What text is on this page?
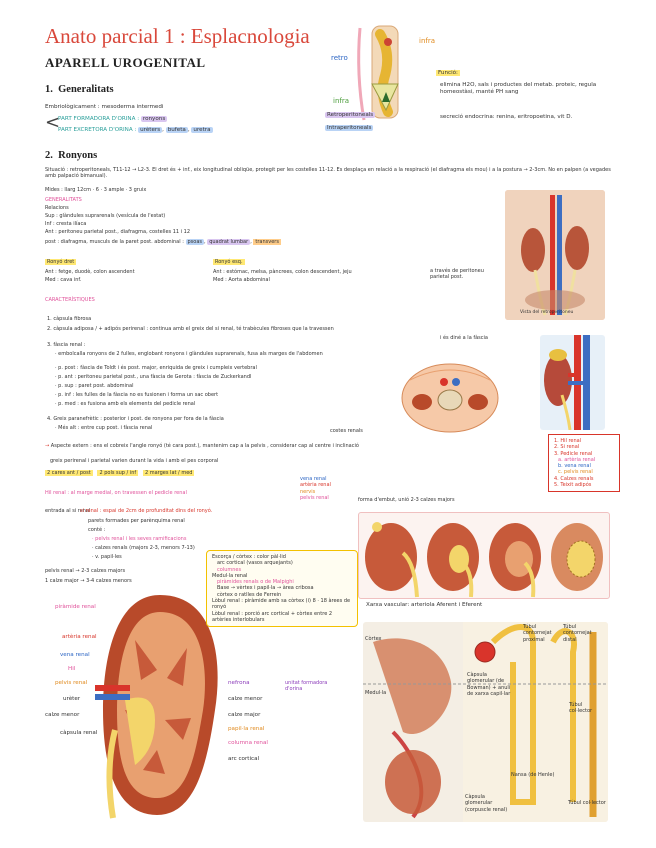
Anato parcial 1 : Esplacnologia
APARELL UROGENITAL
1. Generalitats
Embriològicament : mesoderma intermedi
<
PART FORMADORA D'ORINA : ronyons
PART EXCRETORA D'ORINA : urèters , bufeta , uretra
infra
retro
infra
Retroperitoneals
Intraperitoneals
Funció:
elimina H2O, sals i productes del metab. proteic, regula homeostàsi, manté PH sang
secreció endocrina: renina, eritropoetina, vit D.
2. Ronyons
Situació : retroperitoneals, T11-12 → L2-3. El dret és + inf., eix longitudinal obliqüe, protegit per les costelles 11-12. Es desplaça en relació a la respiració (el diafragma els mou) i a la postura → 2-3cm. No en palpen (a vegades amb palpació bimanual).
Mides : llarg 12cm · 6 · 3 ample · 3 gruix
GENERALITATS
Relacions
Sup : glàndules suprarenals (vesícula de l'estat)
Inf : cresta ilíaca
Ant : peritoneu parietal post., diafragma, costelles 11 i 12
post : diafragma, musculs de la paret post. abdominal : psoas , quadrat lumbar , transvers
Ronyó dret
Ant : fetge, duodè, colon ascendent
Med : cava inf.
Ronyó esq.
Ant : estómac, melsa, pàncrees, colon descendent, jeju
Med : Aorta abdominal
a través de peritoneu parietal post.
CARACTERÍSTIQUES
1. càpsula fibrosa
2. càpsula adiposa / + adipós perirenal : continua amb el greix del si renal, té trabècules fibroses que la travessen
i és diné a la fàscia
3. fàscia renal :
· embolcalla ronyons de 2 fulles, englobant ronyons i glàndules suprarenals, fusa als marges de l'abdomen
· p. post : fàscia de Toldt i és post. major, enriquida de greix i cumpleix vertebral
· p. ant : peritoneu parietal post., una fàscia de Gerota : fàscia de Zuckerkandl
· p. sup : paret post. abdominal
· p. inf : les fulles de la fàscia no es fusionen i forma un sac obert
· p. med : es fusiona amb els elements del pedicle renal
4. Greix paranefrètic : posterior i post. de ronyons per fora de la fàscia
· Més alt : entre cup post. i fàscia renal	costes renals
→ Aspecte extern : ens el cobreix l'angle ronyó (té cara post.), mantenim cap a la pelvis , considerar cap al centre i inclinació
greix perirenal i parietal varien durant la vida i amb el pes corporal
2 cares ant / post 2 pols sup / inf 2 marges lat / med
Hil renal : al marge medial, on travessen el pedicle renal
vena renal
artèria renal
nervis
pelvis renal	forma d'embut, unió 2-3 calzes majors
entrada al si renal
si renal : espai de 2cm de profunditat dins del ronyó.
parets formades per parènquima renal
conté :
· pelvis renal i les seves ramificacions
· calzes renals (majors 2-3, menors 7-13)
· v. papil·les
pelvis renal → 2-3 calzes majors
1 calze major → 3-4 calzes menors
Vista del retroperitoneu
1. Hil renal
2. Si renal
3. Pedicle renal
a. artèria renal
b. vena renal
c. pelvis renal
4. Calzes renals
5. Teixit adipós
piràmide renal
artèria renal
vena renal
Hil
pelvis renal
urèter
calze menor
càpsula renal
nefrona	unitat formadora d'orina
calze menor
calze major
papil·la renal
columna renal
arc cortical
Escorça / còrtex : color pàl·lid
arc cortical (vasos arquejants)
columnes
Medul·la renal
piràmides renals o de Malpighi
Base → vèrtex i papil·la → àrea cribosa
còrtex o ratlles de Ferrein
Lòbul renal : piràmide amb sa còrtex (i) 8 · 18 àrees de ronyó
Lòbul renal : porció arc cortical + còrtex entre 2 artèries interlobulars
Xarxa vascular: arteriola Aferent i Eferent
Túbul contornejat proximal
Túbul contornejat distal
Còrtex
Medul·la
Càpsula glomerular (de Bowman) + anuli de xarxa capil·lar
Túbul col·lector
Nansa (de Henle)
Càpsula glomerular (corpuscle renal)
Túbul col·lector
